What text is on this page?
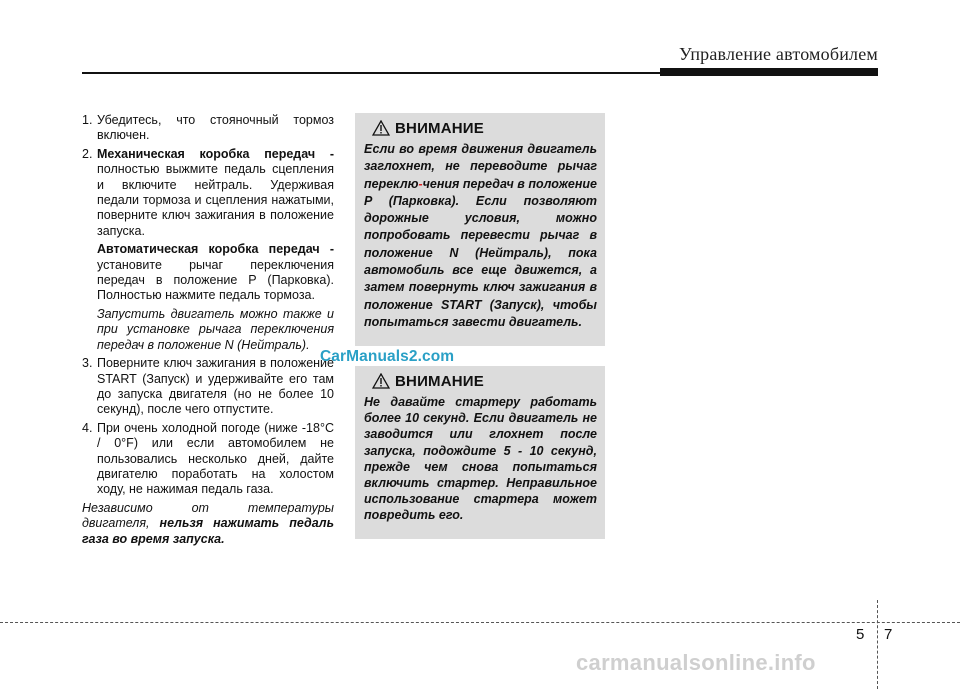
Управление автомобилем
1. Убедитесь, что стояночный тормоз включен.
2. Механическая коробка передач - полностью выжмите педаль сцепления и включите нейтраль. Удерживая педали тормоза и сцепления нажатыми, поверните ключ зажигания в положение запуска.
Автоматическая коробка передач - установите рычаг переключения передач в положение P (Парковка). Полностью нажмите педаль тормоза.
Запустить двигатель можно также и при установке рычага переключения передач в положение N (Нейтраль).
3. Поверните ключ зажигания в положение START (Запуск) и удерживайте его там до запуска двигателя (но не более 10 секунд), после чего отпустите.
4. При очень холодной погоде (ниже -18°C / 0°F) или если автомобилем не пользовались несколько дней, дайте двигателю поработать на холостом ходу, не нажимая педаль газа.

Независимо от температуры двигателя, нельзя нажимать педаль газа во время запуска.

ВНИМАНИЕ
Если во время движения двигатель заглохнет, не переводите рычаг переклю-чения передач в положение P (Парковка). Если позволяют дорожные условия, можно попробовать перевести рычаг в положение N (Нейтраль), пока автомобиль все еще движется, а затем повернуть ключ зажигания в положение START (Запуск), чтобы попытаться завести двигатель.
ВНИМАНИЕ
Не давайте стартеру работать более 10 секунд. Если двигатель не заводится или глохнет после запуска, подождите 5 - 10 секунд, прежде чем снова попытаться включить стартер. Неправильное использование стартера может повредить его.
CarManuals2.com
5 7
carmanualsonline.info
